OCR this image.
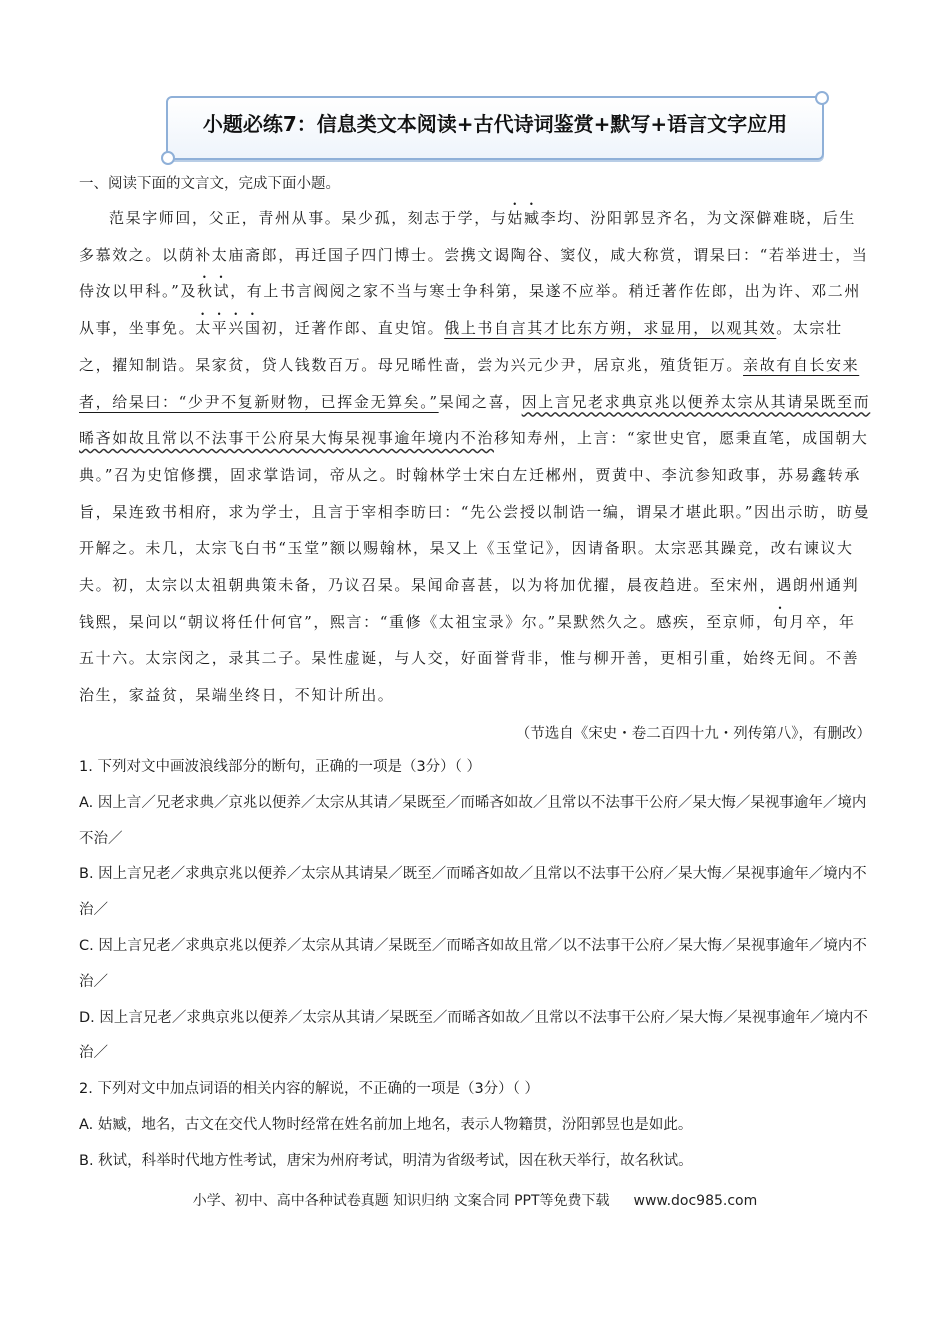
小题必练7：信息类文本阅读+古代诗词鉴赏+默写+语言文字应用
一、阅读下面的文言文，完成下面小题。

范杲字师回，父正，青州从事。杲少孤，刻志于学，与姑臧李均、汾阳郭昱齐名，为文深僻难晓，后生多慕效之。以荫补太庙斋郎，再迁国子四门博士。尝携文谒陶谷、窦仪，咸大称赏，谓杲曰：“若举进士，当侍汝以甲科。”及秋试，有上书言阀阅之家不当与寒士争科第，杲遂不应举。稍迁著作佐郎，出为许、邓二州从事，坐事免。太平兴国初，迁著作郎、直史馆。俄上书自言其才比东方朔，求显用，以观其效。太宗壮之，擢知制诰。杲家贫，贷人钱数百万。母兄晞性啬，尝为兴元少尹，居京兆，殖货钜万。亲故有自长安来者，给杲曰：“少尹不复新财物，已挥金无算矣。”杲闻之喜，因上言兄老求典京兆以便养太宗从其请杲既至而晞吝如故且常以不法事干公府杲大悔杲视事逾年境内不治移知寿州，上言：“家世史官，愿秉直笔，成国朝大典。”召为史馆修撰，固求掌诰词，帝从之。时翰林学士宋白左迁郴州，贾黄中、李沆参知政事，苏易鑫转承旨，杲连致书相府，求为学士，且言于宰相李昉曰：“先公尝授以制诰一编，谓杲才堪此职。”因出示昉，昉曼开解之。未几，太宗飞白书“玉堂”额以赐翰林，杲又上《玉堂记》，因请备职。太宗恶其躁竞，改右谏议大夫。初，太宗以太祖朝典策未备，乃议召杲。杲闻命喜甚，以为将加优擢，晨夜趋进。至宋州，遇朗州通判钱熙，杲问以“朝议将任什何官”，熙言：“重修《太祖宝录》尔。”杲默然久之。感疾，至京师，旬月卒，年五十六。太宗闵之，录其二子。杲性虚诞，与人交，好面誉背非，惟与柳开善，更相引重，始终无间。不善治生，家益贫，杲端坐终日，不知计所出。

（节选自《宋史・卷二百四十九・列传第八》，有删改）
1. 下列对文中画波浪线部分的断句，正确的一项是（3分）（ ）
A. 因上言／兄老求典／京兆以便养／太宗从其请／杲既至／而晞吝如故／且常以不法事干公府／杲大悔／杲视事逾年／境内不治／
B. 因上言兄老／求典京兆以便养／太宗从其请杲／既至／而晞吝如故／且常以不法事干公府／杲大悔／杲视事逾年／境内不治／
C. 因上言兄老／求典京兆以便养／太宗从其请／杲既至／而晞吝如故且常／以不法事干公府／杲大悔／杲视事逾年／境内不治／
D. 因上言兄老／求典京兆以便养／太宗从其请／杲既至／而晞吝如故／且常以不法事干公府／杲大悔／杲视事逾年／境内不治／
2. 下列对文中加点词语的相关内容的解说，不正确的一项是（3分）（ ）
A. 姑臧，地名，古文在交代人物时经常在姓名前加上地名，表示人物籍贯，汾阳郭昱也是如此。
B. 秋试，科举时代地方性考试，唐宋为州府考试，明清为省级考试，因在秋天举行，故名秋试。
小学、初中、高中各种试卷真题 知识归纳 文案合同 PPT等免费下载 www.doc985.com
